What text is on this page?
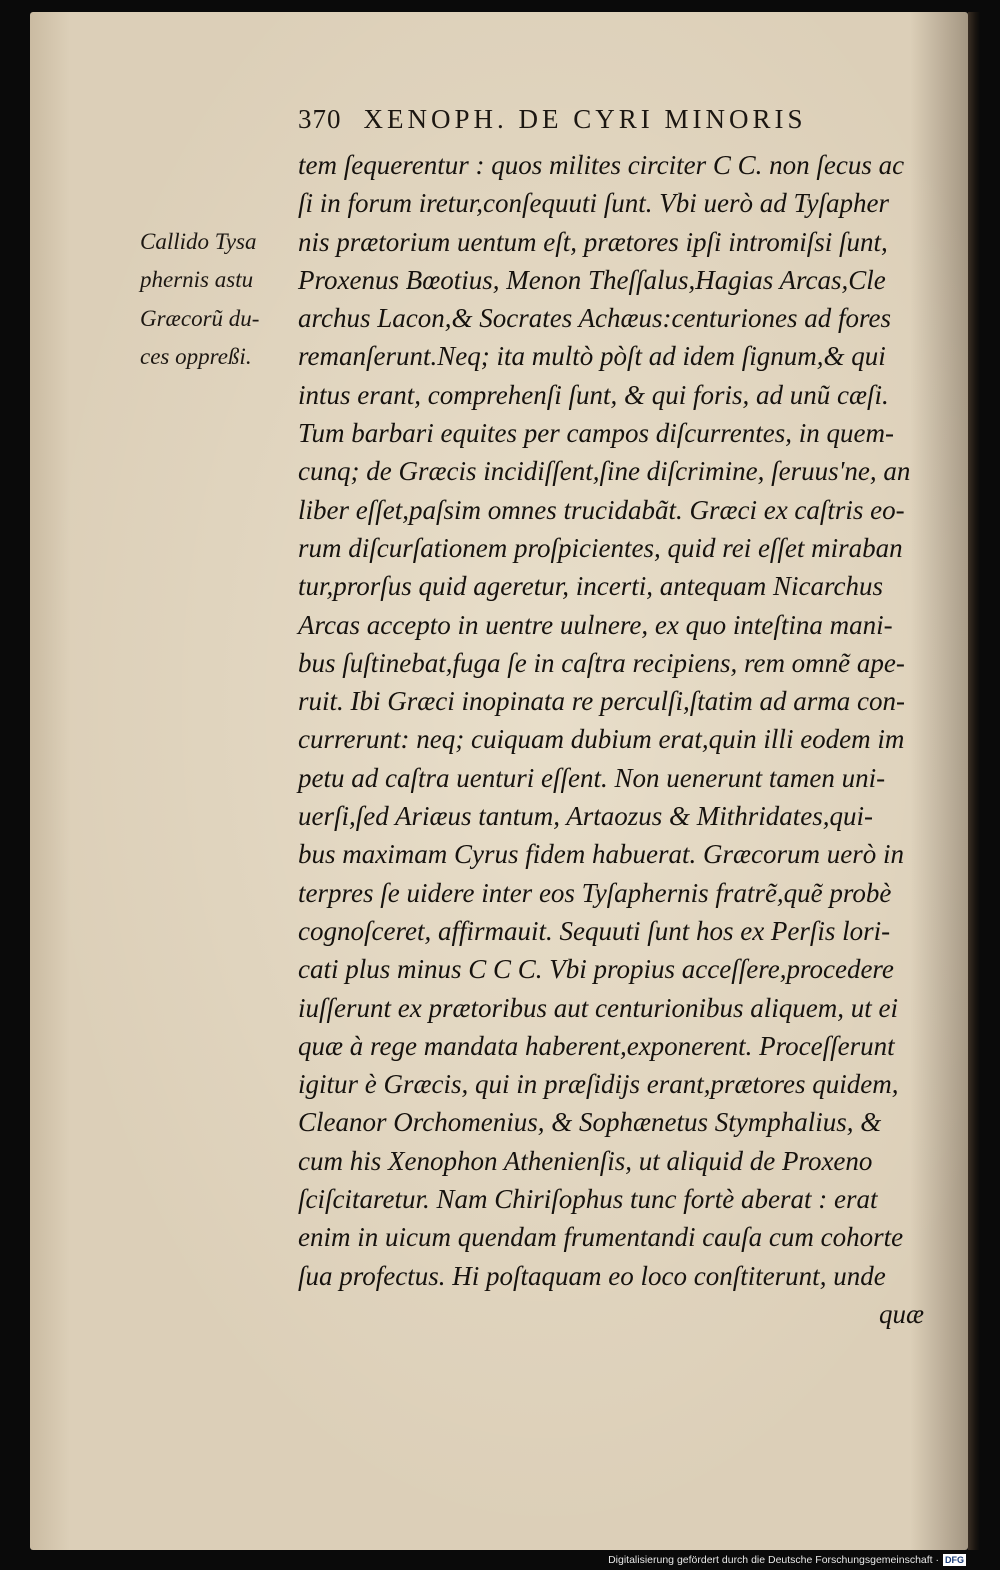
370 XENOPH. DE CYRI MINORIS
Callido Tysa
phernis astu
Græcorũ du-
ces oppreßi.
tem ſequerentur : quos milites circiter C C. non ſecus ac
ſi in forum iretur,conſequuti ſunt. Vbi uerò ad Tyſapher
nis prætorium uentum eſt, prætores ipſi intromiſsi ſunt,
Proxenus Bœotius, Menon Theſſalus,Hagias Arcas,Cle
archus Lacon,& Socrates Achæus:centuriones ad fores
remanſerunt.Neq; ita multò pòſt ad idem ſignum,& qui
intus erant, comprehenſi ſunt, & qui foris, ad unũ cæſi.
Tum barbari equites per campos diſcurrentes, in quem-
cunq; de Græcis incidiſſent,ſine diſcrimine, ſeruus'ne, an
liber eſſet,paſsim omnes trucidabãt. Græci ex caſtris eo-
rum diſcurſationem proſpicientes, quid rei eſſet miraban
tur,prorſus quid ageretur, incerti, antequam Nicarchus
Arcas accepto in uentre uulnere, ex quo inteſtina mani-
bus ſuſtinebat,fuga ſe in caſtra recipiens, rem omnẽ ape-
ruit. Ibi Græci inopinata re perculſi,ſtatim ad arma con-
currerunt: neq; cuiquam dubium erat,quin illi eodem im
petu ad caſtra uenturi eſſent. Non uenerunt tamen uni-
uerſi,ſed Ariæus tantum, Artaozus & Mithridates,qui-
bus maximam Cyrus fidem habuerat. Græcorum uerò in
terpres ſe uidere inter eos Tyſaphernis fratrẽ,quẽ probè
cognoſceret, affirmauit. Sequuti ſunt hos ex Perſis lori-
cati plus minus C C C. Vbi propius acceſſere,procedere
iuſſerunt ex prætoribus aut centurionibus aliquem, ut ei
quæ à rege mandata haberent,exponerent. Proceſſerunt
igitur è Græcis, qui in præſidijs erant,prætores quidem,
Cleanor Orchomenius, & Sophænetus Stymphalius, &
cum his Xenophon Athenienſis, ut aliquid de Proxeno
ſciſcitaretur. Nam Chiriſophus tunc fortè aberat : erat
enim in uicum quendam frumentandi cauſa cum cohorte
ſua profectus. Hi poſtaquam eo loco conſtiterunt, unde
quæ
Digitalisierung gefördert durch die Deutsche Forschungsgemeinschaft · DFG
